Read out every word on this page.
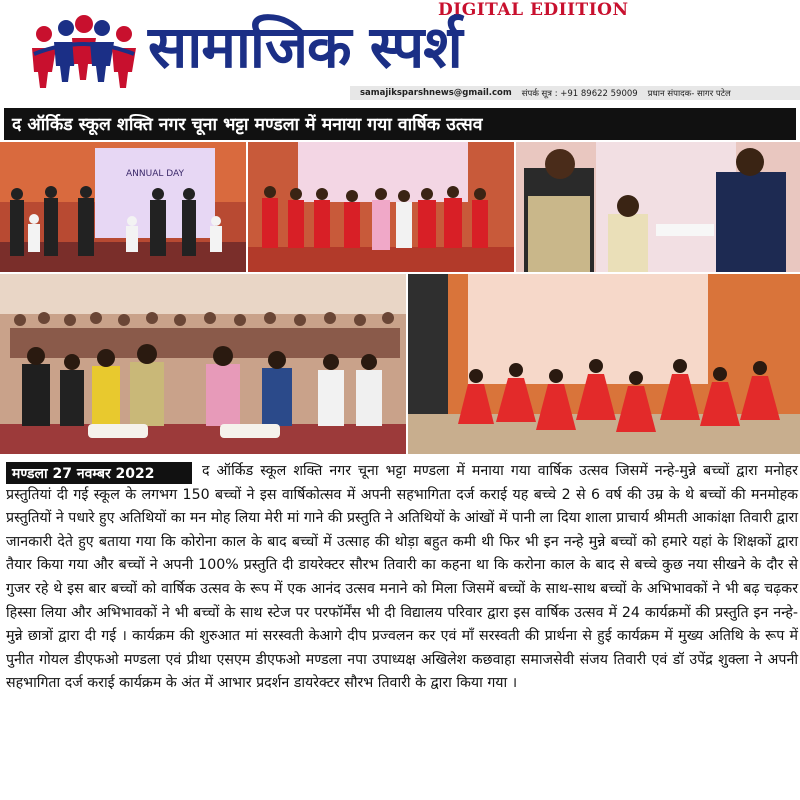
DIGITAL EDIITION
सामाजिक स्पर्श
samajiksparshnews@gmail.com संपर्क सूत्र : +91 89622 59009 प्रधान संपादक- सागर पटेल
द ऑर्किड स्कूल शक्ति नगर चूना भट्टा मण्डला में मनाया गया वार्षिक उत्सव
ANNUAL DAY
मण्डला 27 नवम्बर 2022	द ऑर्किड स्कूल शक्ति नगर चूना भट्टा मण्डला में मनाया गया वार्षिक उत्सव जिसमें नन्हे-मुन्ने बच्चों द्वारा मनोहर प्रस्तुतियां दी गई स्कूल के लगभग 150 बच्चों ने इस वार्षिकोत्सव में अपनी सहभागिता दर्ज कराई यह बच्चे 2 से 6 वर्ष की उम्र के थे बच्चों की मनमोहक प्रस्तुतियों ने पधारे हुए अतिथियों का मन मोह लिया मेरी मां गाने की प्रस्तुति ने अतिथियों के आंखों में पानी ला दिया शाला प्राचार्य श्रीमती आकांक्षा तिवारी द्वारा जानकारी देते हुए बताया गया कि कोरोना काल के बाद बच्चों में उत्साह की थोड़ा बहुत कमी थी फिर भी इन नन्हे मुन्ने बच्चों को हमारे यहां के शिक्षकों द्वारा तैयार किया गया और बच्चों ने अपनी 100% प्रस्तुति दी डायरेक्टर सौरभ तिवारी का कहना था कि करोना काल के बाद से बच्चे कुछ नया सीखने के दौर से गुजर रहे थे इस बार बच्चों को वार्षिक उत्सव के रूप में एक आनंद उत्सव मनाने को मिला जिसमें बच्चों के साथ-साथ बच्चों के अभिभावकों ने भी बढ़ चढ़कर हिस्सा लिया और अभिभावकों ने भी बच्चों के साथ स्टेज पर परफॉर्मेंस भी दी विद्यालय परिवार द्वारा इस वार्षिक उत्सव में 24 कार्यक्रमों की प्रस्तुति इन नन्हे-मुन्ने छात्रों द्वारा दी गई । कार्यक्रम की शुरुआत मां सरस्वती केआगे दीप प्रज्वलन कर एवं माँ सरस्वती की प्रार्थना से हुई कार्यक्रम में मुख्य अतिथि के रूप में पुनीत गोयल डीएफओ मण्डला एवं प्रीथा एसएम डीएफओ मण्डला नपा उपाध्यक्ष अखिलेश कछवाहा समाजसेवी संजय तिवारी एवं डॉ उपेंद्र शुक्ला ने अपनी सहभागिता दर्ज कराई कार्यक्रम के अंत में आभार प्रदर्शन डायरेक्टर सौरभ तिवारी के द्वारा किया गया ।
